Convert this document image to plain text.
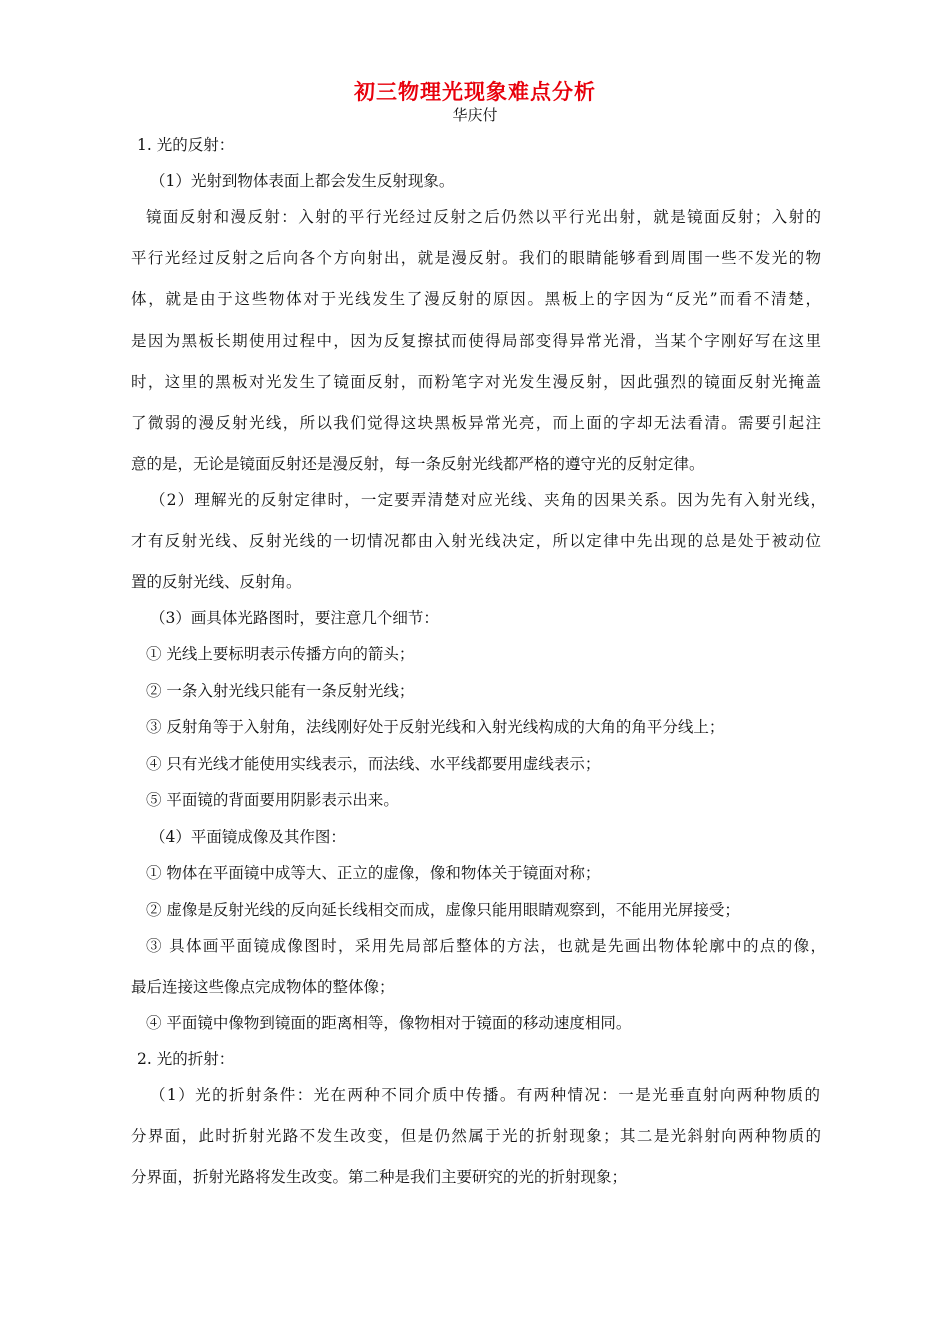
初三物理光现象难点分析
华庆付
1. 光的反射：
（1）光射到物体表面上都会发生反射现象。
镜面反射和漫反射：入射的平行光经过反射之后仍然以平行光出射，就是镜面反射；入射的
平行光经过反射之后向各个方向射出，就是漫反射。我们的眼睛能够看到周围一些不发光的物
体，就是由于这些物体对于光线发生了漫反射的原因。黑板上的字因为“反光”而看不清楚，
是因为黑板长期使用过程中，因为反复擦拭而使得局部变得异常光滑，当某个字刚好写在这里
时，这里的黑板对光发生了镜面反射，而粉笔字对光发生漫反射，因此强烈的镜面反射光掩盖
了微弱的漫反射光线，所以我们觉得这块黑板异常光亮，而上面的字却无法看清。需要引起注
意的是，无论是镜面反射还是漫反射，每一条反射光线都严格的遵守光的反射定律。
（2）理解光的反射定律时，一定要弄清楚对应光线、夹角的因果关系。因为先有入射光线，
才有反射光线、反射光线的一切情况都由入射光线决定，所以定律中先出现的总是处于被动位
置的反射光线、反射角。
（3）画具体光路图时，要注意几个细节：
① 光线上要标明表示传播方向的箭头；
② 一条入射光线只能有一条反射光线；
③ 反射角等于入射角，法线刚好处于反射光线和入射光线构成的大角的角平分线上；
④ 只有光线才能使用实线表示，而法线、水平线都要用虚线表示；
⑤ 平面镜的背面要用阴影表示出来。
（4）平面镜成像及其作图：
① 物体在平面镜中成等大、正立的虚像，像和物体关于镜面对称；
② 虚像是反射光线的反向延长线相交而成，虚像只能用眼睛观察到，不能用光屏接受；
③ 具体画平面镜成像图时，采用先局部后整体的方法，也就是先画出物体轮廓中的点的像，
最后连接这些像点完成物体的整体像；
④ 平面镜中像物到镜面的距离相等，像物相对于镜面的移动速度相同。
2. 光的折射：
（1）光的折射条件：光在两种不同介质中传播。有两种情况：一是光垂直射向两种物质的
分界面，此时折射光路不发生改变，但是仍然属于光的折射现象；其二是光斜射向两种物质的
分界面，折射光路将发生改变。第二种是我们主要研究的光的折射现象；
